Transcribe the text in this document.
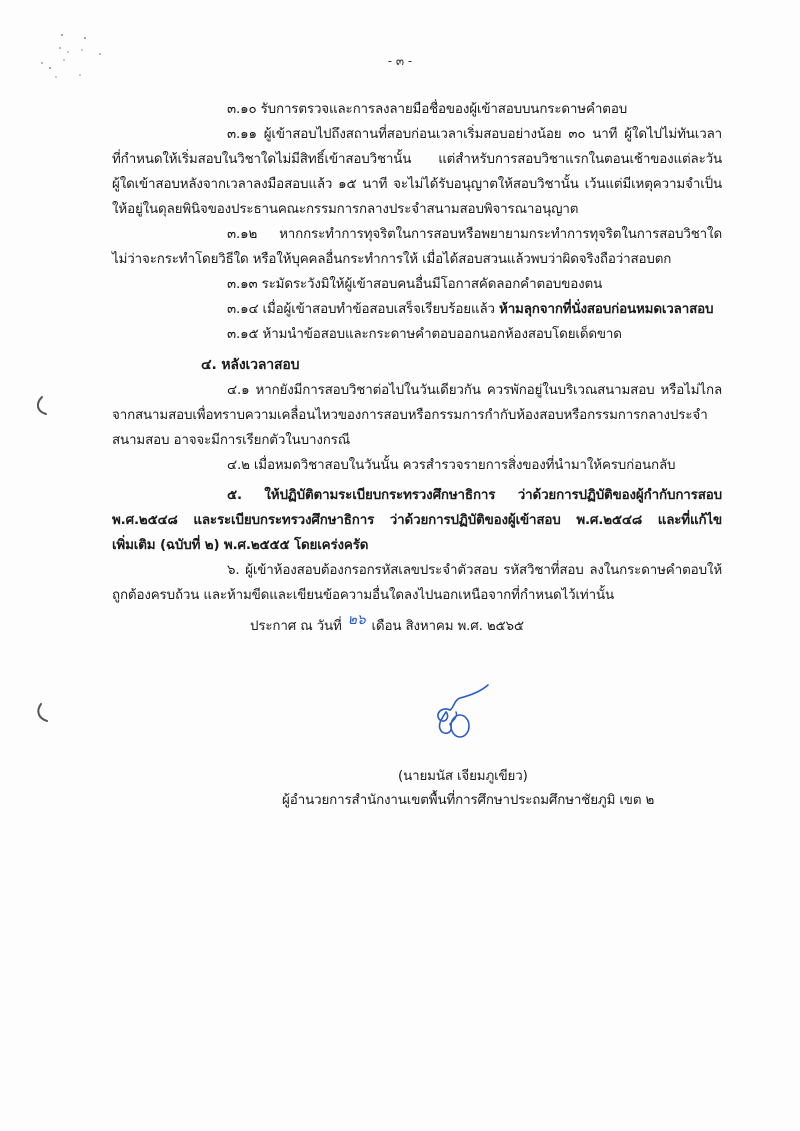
- ๓ -
๓.๑๐ รับการตรวจและการลงลายมือชื่อของผู้เข้าสอบบนกระดาษคำตอบ
๓.๑๑ ผู้เข้าสอบไปถึงสถานที่สอบก่อนเวลาเริ่มสอบอย่างน้อย ๓๐ นาที ผู้ใดไปไม่ทันเวลา
ที่กำหนดให้เริ่มสอบในวิชาใดไม่มีสิทธิ์เข้าสอบวิชานั้น แต่สำหรับการสอบวิชาแรกในตอนเช้าของแต่ละวัน
ผู้ใดเข้าสอบหลังจากเวลาลงมือสอบแล้ว ๑๕ นาที จะไม่ได้รับอนุญาตให้สอบวิชานั้น เว้นแต่มีเหตุความจำเป็น
ให้อยู่ในดุลยพินิจของประธานคณะกรรมการกลางประจำสนามสอบพิจารณาอนุญาต
๓.๑๒ หากกระทำการทุจริตในการสอบหรือพยายามกระทำการทุจริตในการสอบวิชาใด
ไม่ว่าจะกระทำโดยวิธีใด หรือให้บุคคลอื่นกระทำการให้ เมื่อได้สอบสวนแล้วพบว่าผิดจริงถือว่าสอบตก
๓.๑๓ ระมัดระวังมิให้ผู้เข้าสอบคนอื่นมีโอกาสคัดลอกคำตอบของตน
๓.๑๔ เมื่อผู้เข้าสอบทำข้อสอบเสร็จเรียบร้อยแล้ว ห้ามลุกจากที่นั่งสอบก่อนหมดเวลาสอบ
๓.๑๕ ห้ามนำข้อสอบและกระดาษคำตอบออกนอกห้องสอบโดยเด็ดขาด
๔. หลังเวลาสอบ
๔.๑ หากยังมีการสอบวิชาต่อไปในวันเดียวกัน ควรพักอยู่ในบริเวณสนามสอบ หรือไม่ไกล
จากสนามสอบเพื่อทราบความเคลื่อนไหวของการสอบหรือกรรมการกำกับห้องสอบหรือกรรมการกลางประจำ
สนามสอบ อาจจะมีการเรียกตัวในบางกรณี
๔.๒ เมื่อหมดวิชาสอบในวันนั้น ควรสำรวจรายการสิ่งของที่นำมาให้ครบก่อนกลับ
๕. ให้ปฏิบัติตามระเบียบกระทรวงศึกษาธิการ ว่าด้วยการปฏิบัติของผู้กำกับการสอบ
พ.ศ.๒๕๔๘ และระเบียบกระทรวงศึกษาธิการ ว่าด้วยการปฏิบัติของผู้เข้าสอบ พ.ศ.๒๕๔๘ และที่แก้ไข
เพิ่มเติม (ฉบับที่ ๒) พ.ศ.๒๕๕๕ โดยเคร่งครัด
๖. ผู้เข้าห้องสอบต้องกรอกรหัสเลขประจำตัวสอบ รหัสวิชาที่สอบ ลงในกระดาษคำตอบให้
ถูกต้องครบถ้วน และห้ามขีดและเขียนข้อความอื่นใดลงไปนอกเหนือจากที่กำหนดไว้เท่านั้น
ประกาศ ณ วันที่ ๒๖ เดือน สิงหาคม พ.ศ. ๒๕๖๕
(นายมนัส เจียมภูเขียว)
ผู้อำนวยการสำนักงานเขตพื้นที่การศึกษาประถมศึกษาชัยภูมิ เขต ๒
